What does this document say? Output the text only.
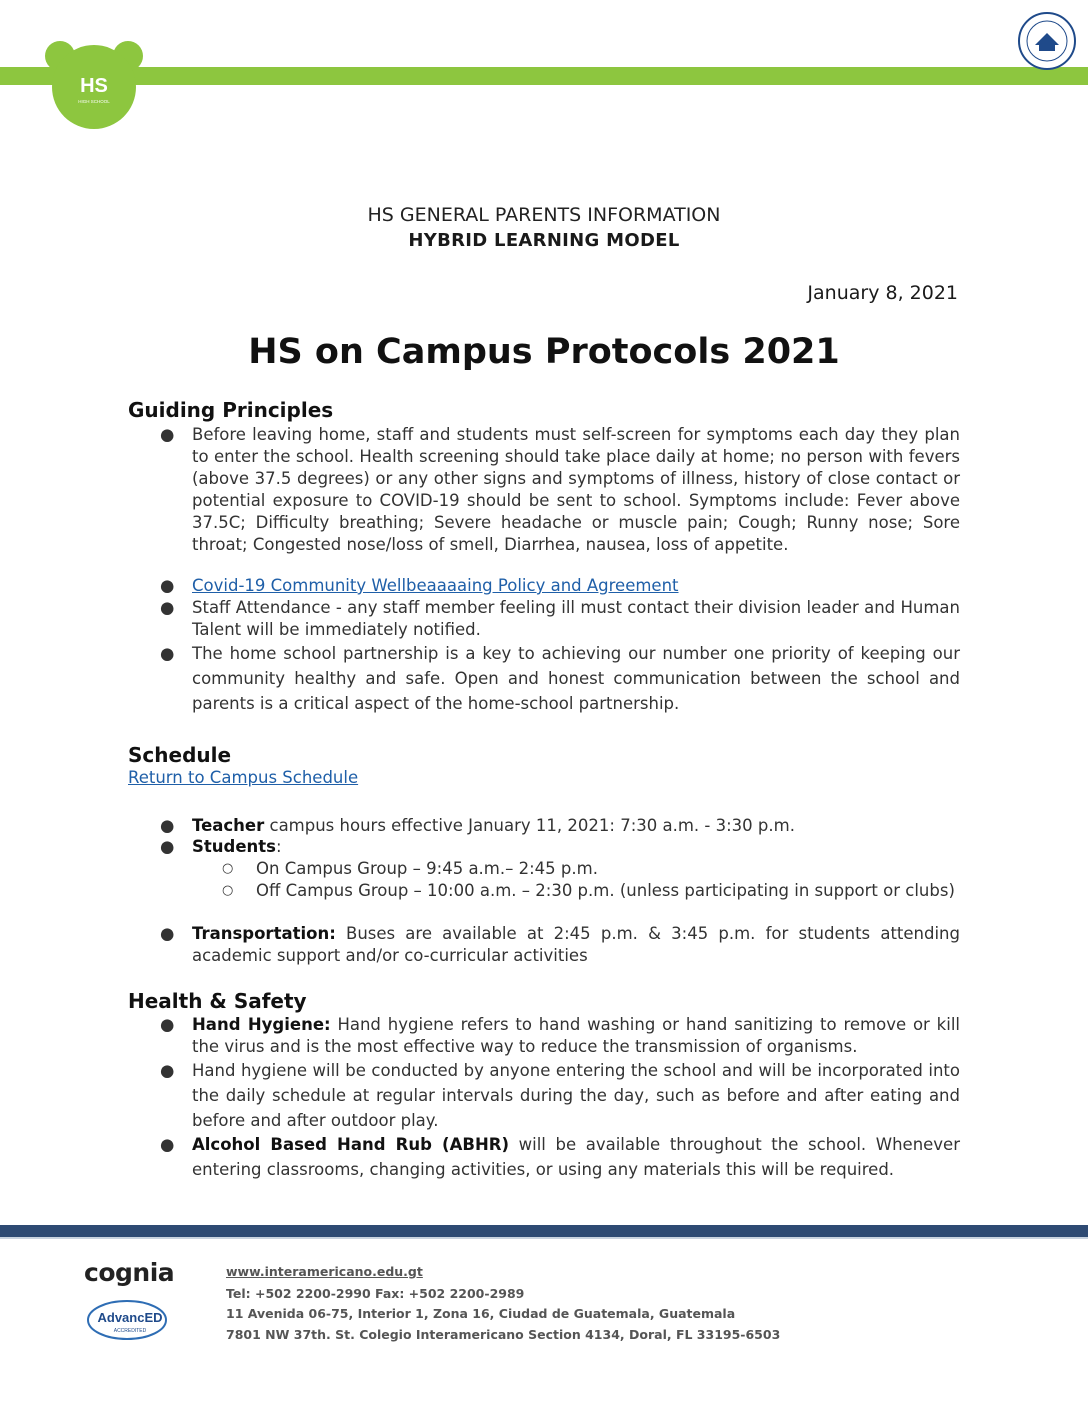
HS
HIGH SCHOOL
HS GENERAL PARENTS INFORMATION
HYBRID LEARNING MODEL
January 8, 2021
HS on Campus Protocols 2021
Guiding Principles
●	Before leaving home, staff and students must self-screen for symptoms each day they plan to enter the school. Health screening should take place daily at home; no person with fevers (above 37.5 degrees) or any other signs and symptoms of illness, history of close contact or potential exposure to COVID-19 should be sent to school. Symptoms include: Fever above 37.5C; Difficulty breathing; Severe headache or muscle pain; Cough; Runny nose; Sore throat; Congested nose/loss of smell, Diarrhea, nausea, loss of appetite.
●	Covid-19 Community Wellbeaaaaing Policy and Agreement
●	Staff Attendance - any staff member feeling ill must contact their division leader and Human Talent will be immediately notified.
●	The home school partnership is a key to achieving our number one priority of keeping our community healthy and safe. Open and honest communication between the school and parents is a critical aspect of the home-school partnership.
Schedule
Return to Campus Schedule
●	Teacher campus hours effective January 11, 2021: 7:30 a.m. - 3:30 p.m.
●	Students:
○	On Campus Group – 9:45 a.m.– 2:45 p.m.
○	Off Campus Group – 10:00 a.m. – 2:30 p.m. (unless participating in support or clubs)
●	Transportation: Buses are available at 2:45 p.m. & 3:45 p.m. for students attending academic support and/or co-curricular activities
Health & Safety
●	Hand Hygiene: Hand hygiene refers to hand washing or hand sanitizing to remove or kill the virus and is the most effective way to reduce the transmission of organisms.
●	Hand hygiene will be conducted by anyone entering the school and will be incorporated into the daily schedule at regular intervals during the day, such as before and after eating and before and after outdoor play.
●	Alcohol Based Hand Rub (ABHR) will be available throughout the school. Whenever entering classrooms, changing activities, or using any materials this will be required.
cognia
AdvancED
ACCREDITED
www.interamericano.edu.gt
Tel: +502 2200-2990 Fax: +502 2200-2989
11 Avenida 06-75, Interior 1, Zona 16, Ciudad de Guatemala, Guatemala
7801 NW 37th. St. Colegio Interamericano Section 4134, Doral, FL 33195-6503
